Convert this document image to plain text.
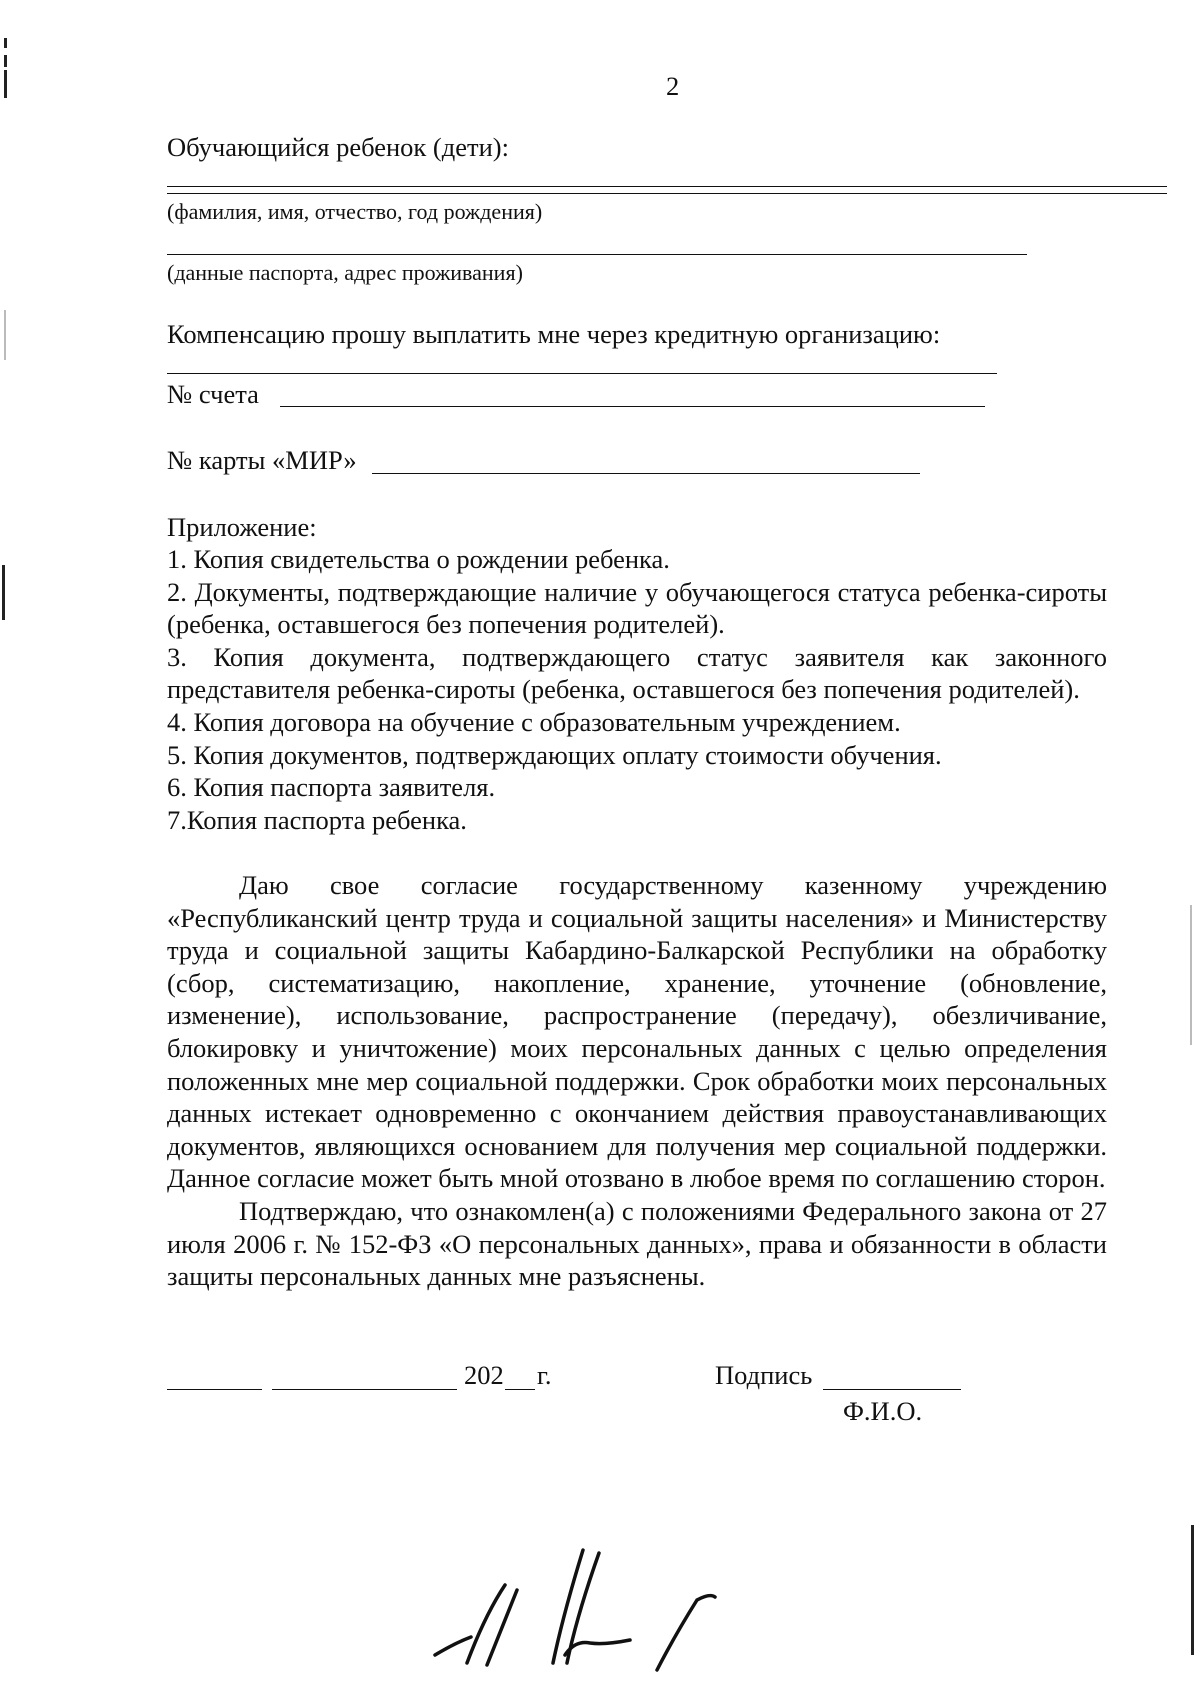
2
Обучающийся ребенок (дети):
(фамилия, имя, отчество, год рождения)
(данные паспорта, адрес проживания)
Компенсацию прошу выплатить мне через кредитную организацию:
№ счета
№ карты «МИР»
Приложение:

1. Копия свидетельства о рождении ребенка.

2. Документы, подтверждающие наличие у обучающегося статуса ребенка-сироты (ребенка, оставшегося без попечения родителей).

3. Копия документа, подтверждающего статус заявителя как законного представителя ребенка-сироты (ребенка, оставшегося без попечения родителей).

4. Копия договора на обучение с образовательным учреждением.

5. Копия документов, подтверждающих оплату стоимости обучения.

6. Копия паспорта заявителя.

7.Копия паспорта ребенка.

Даю свое согласие государственному казенному учреждению «Республиканский центр труда и социальной защиты населения» и Министерству труда и социальной защиты Кабардино-Балкарской Республики на обработку (сбор, систематизацию, накопление, хранение, уточнение (обновление, изменение), использование, распространение (передачу), обезличивание, блокировку и уничтожение) моих персональных данных с целью определения положенных мне мер социальной поддержки. Срок обработки моих персональных данных истекает одновременно с окончанием действия правоустанавливающих документов, являющихся основанием для получения мер социальной поддержки. Данное согласие может быть мной отозвано в любое время по соглашению сторон.

Подтверждаю, что ознакомлен(а) с положениями Федерального закона от 27 июля 2006 г. № 152-ФЗ «О персональных данных», права и обязанности в области защиты персональных данных мне разъяснены.

202 г.	Подпись
Ф.И.О.
